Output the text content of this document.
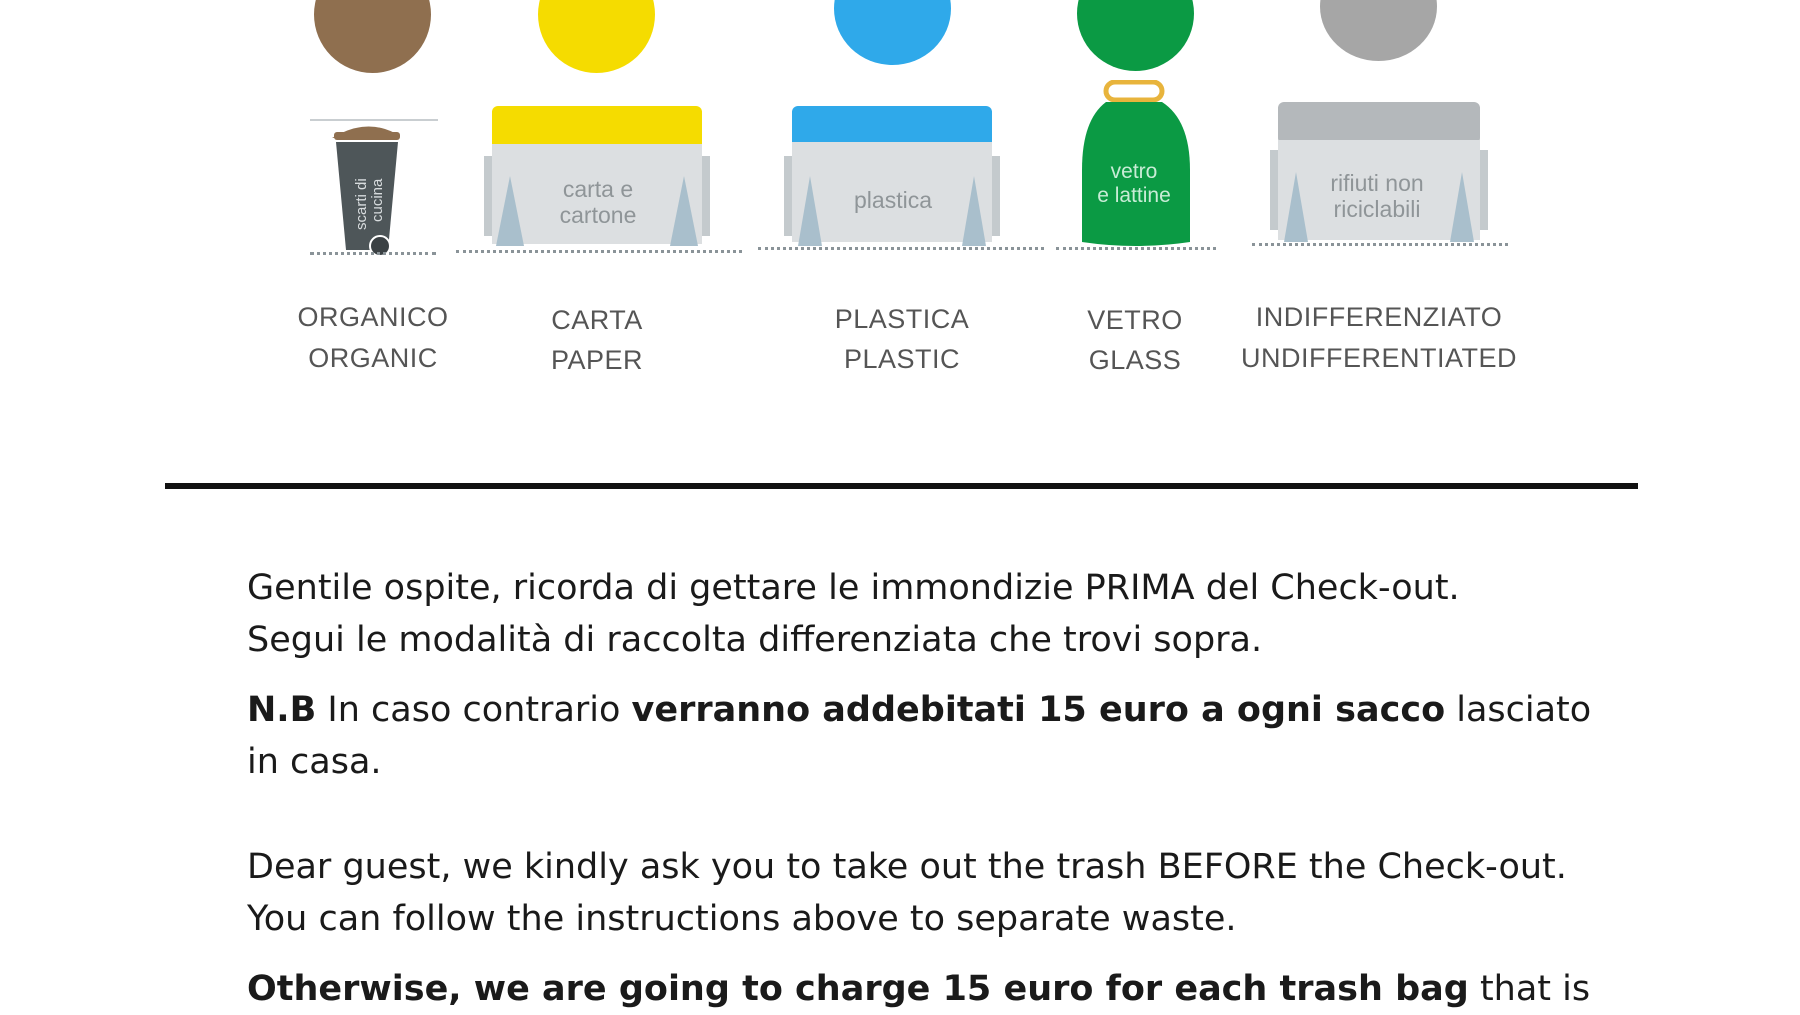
scarti di cucina	carta e
cartone
plastica
vetro
e lattine	rifiuti non
riciclabili
ORGANICO
ORGANIC
CARTA
PAPER
PLASTICA
PLASTIC
VETRO
GLASS
INDIFFERENZIATO
UNDIFFERENTIATED

Gentile ospite, ricorda di gettare le immondizie PRIMA del Check-out.
Segui le modalità di raccolta differenziata che trovi sopra.

N.B In caso contrario verranno addebitati 15 euro a ogni sacco lasciato
in casa.

Dear guest, we kindly ask you to take out the trash BEFORE the Check-out.
You can follow the instructions above to separate waste.

Otherwise, we are going to charge 15 euro for each trash bag that is
